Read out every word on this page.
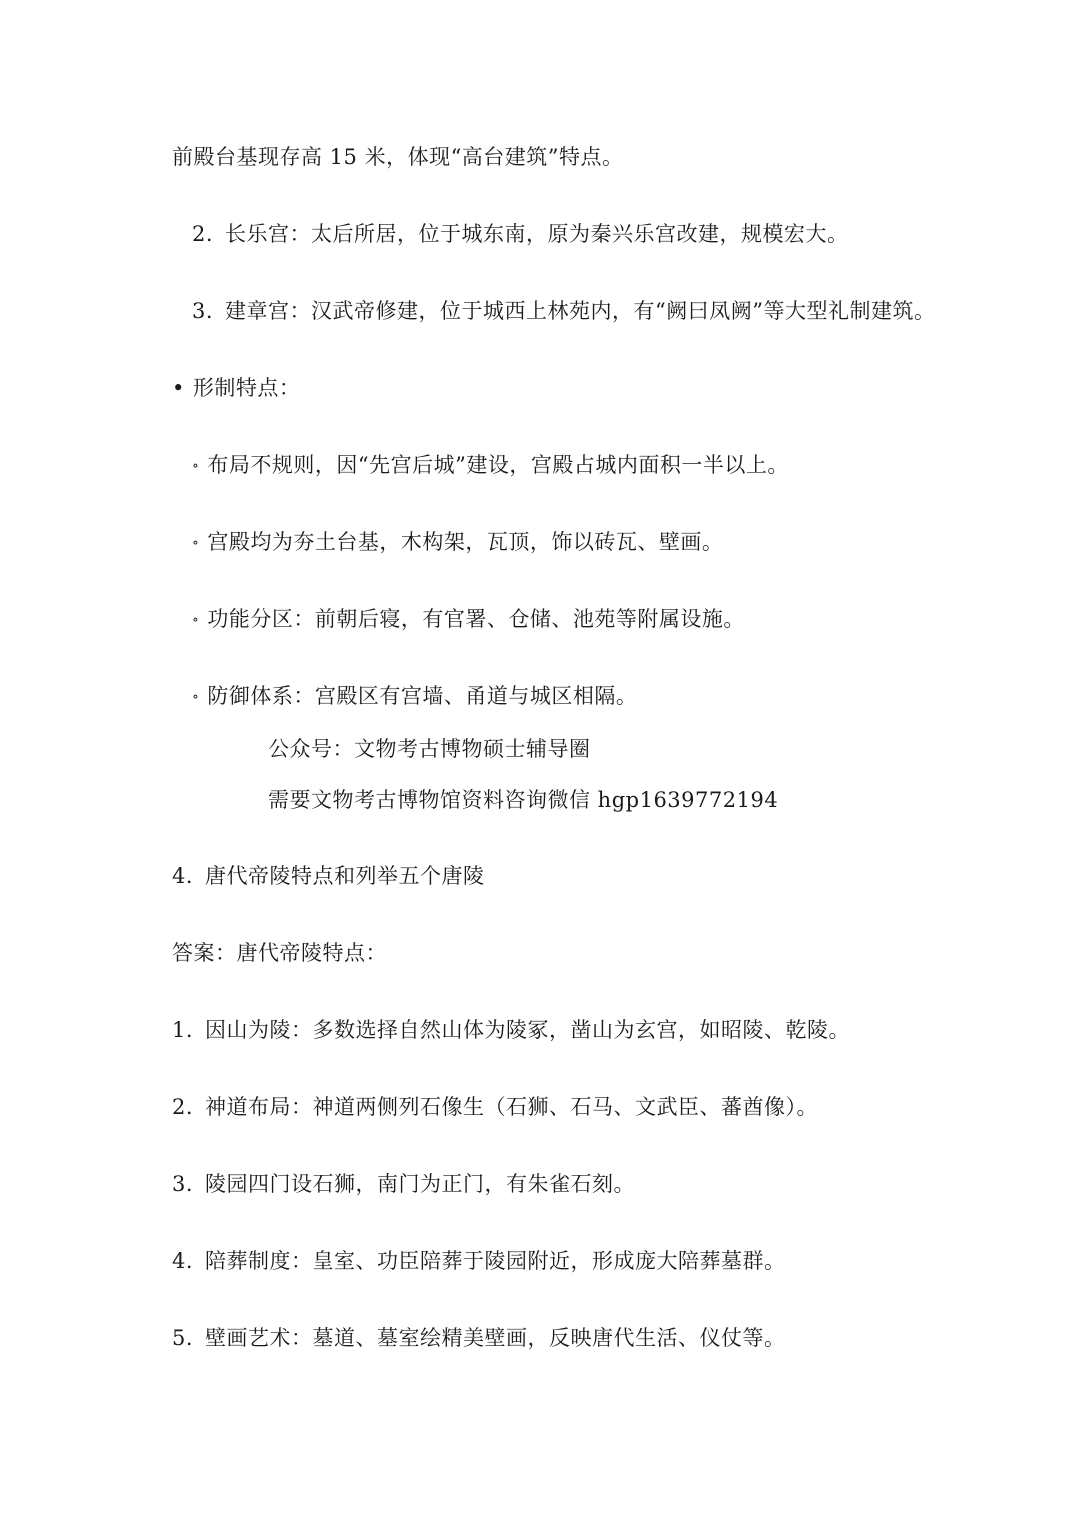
前殿台基现存高 15 米，体现“高台建筑”特点。
2. 长乐宫：太后所居，位于城东南，原为秦兴乐宫改建，规模宏大。
3. 建章宫：汉武帝修建，位于城西上林苑内，有“阙曰凤阙”等大型礼制建筑。
• 形制特点：
∘ 布局不规则，因“先宫后城”建设，宫殿占城内面积一半以上。
∘ 宫殿均为夯土台基，木构架，瓦顶，饰以砖瓦、壁画。
∘ 功能分区：前朝后寝，有官署、仓储、池苑等附属设施。
∘ 防御体系：宫殿区有宫墙、甬道与城区相隔。
公众号：文物考古博物硕士辅导圈
需要文物考古博物馆资料咨询微信 hgp1639772194
4. 唐代帝陵特点和列举五个唐陵
答案：唐代帝陵特点：
1. 因山为陵：多数选择自然山体为陵冢，凿山为玄宫，如昭陵、乾陵。
2. 神道布局：神道两侧列石像生（石狮、石马、文武臣、蕃酋像）。
3. 陵园四门设石狮，南门为正门，有朱雀石刻。
4. 陪葬制度：皇室、功臣陪葬于陵园附近，形成庞大陪葬墓群。
5. 壁画艺术：墓道、墓室绘精美壁画，反映唐代生活、仪仗等。
